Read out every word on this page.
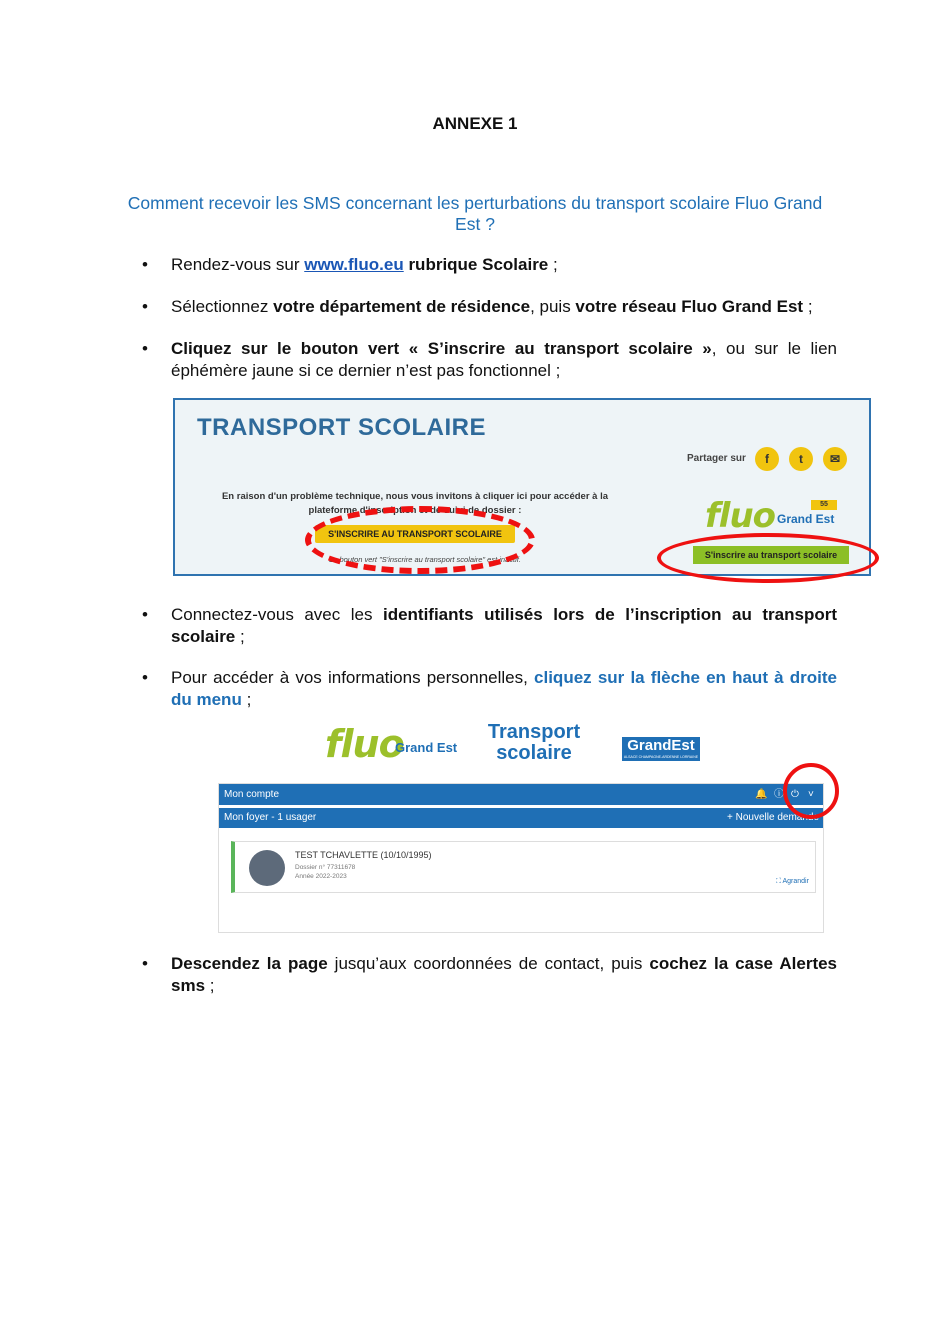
ANNEXE 1
Comment recevoir les SMS concernant les perturbations du transport scolaire Fluo Grand Est ?
• Rendez-vous sur www.fluo.eu rubrique Scolaire ;
• Sélectionnez votre département de résidence, puis votre réseau Fluo Grand Est ;
• Cliquez sur le bouton vert « S’inscrire au transport scolaire », ou sur le lien éphémère jaune si ce dernier n’est pas fonctionnel ;
TRANSPORT SCOLAIRE
Partager sur	f	t	✉
En raison d'un problème technique, nous vous invitons à cliquer ici pour accéder à la plateforme d'inscription et de suivi de dossier :
S'INSCRIRE AU TRANSPORT SCOLAIRE
Le bouton vert "S'inscrire au transport scolaire" est inactif.
fluo	55
Grand Est
S'inscrire au transport scolaire
• Connectez-vous avec les identifiants utilisés lors de l’inscription au transport scolaire ;
• Pour accéder à vos informations personnelles, cliquez sur la flèche en haut à droite du menu ;
fluo
Grand Est
Transport
scolaire	GrandEst
ALSACE CHAMPAGNE-ARDENNE LORRAINE
Mon compte	🔔 ⓘ ⏻ ˅
Mon foyer - 1 usager	+ Nouvelle demande
TEST TCHAVLETTE (10/10/1995)
Dossier n° 77311678
Année 2022-2023
⛶ Agrandir
• Descendez la page jusqu’aux coordonnées de contact, puis cochez la case Alertes sms ;
